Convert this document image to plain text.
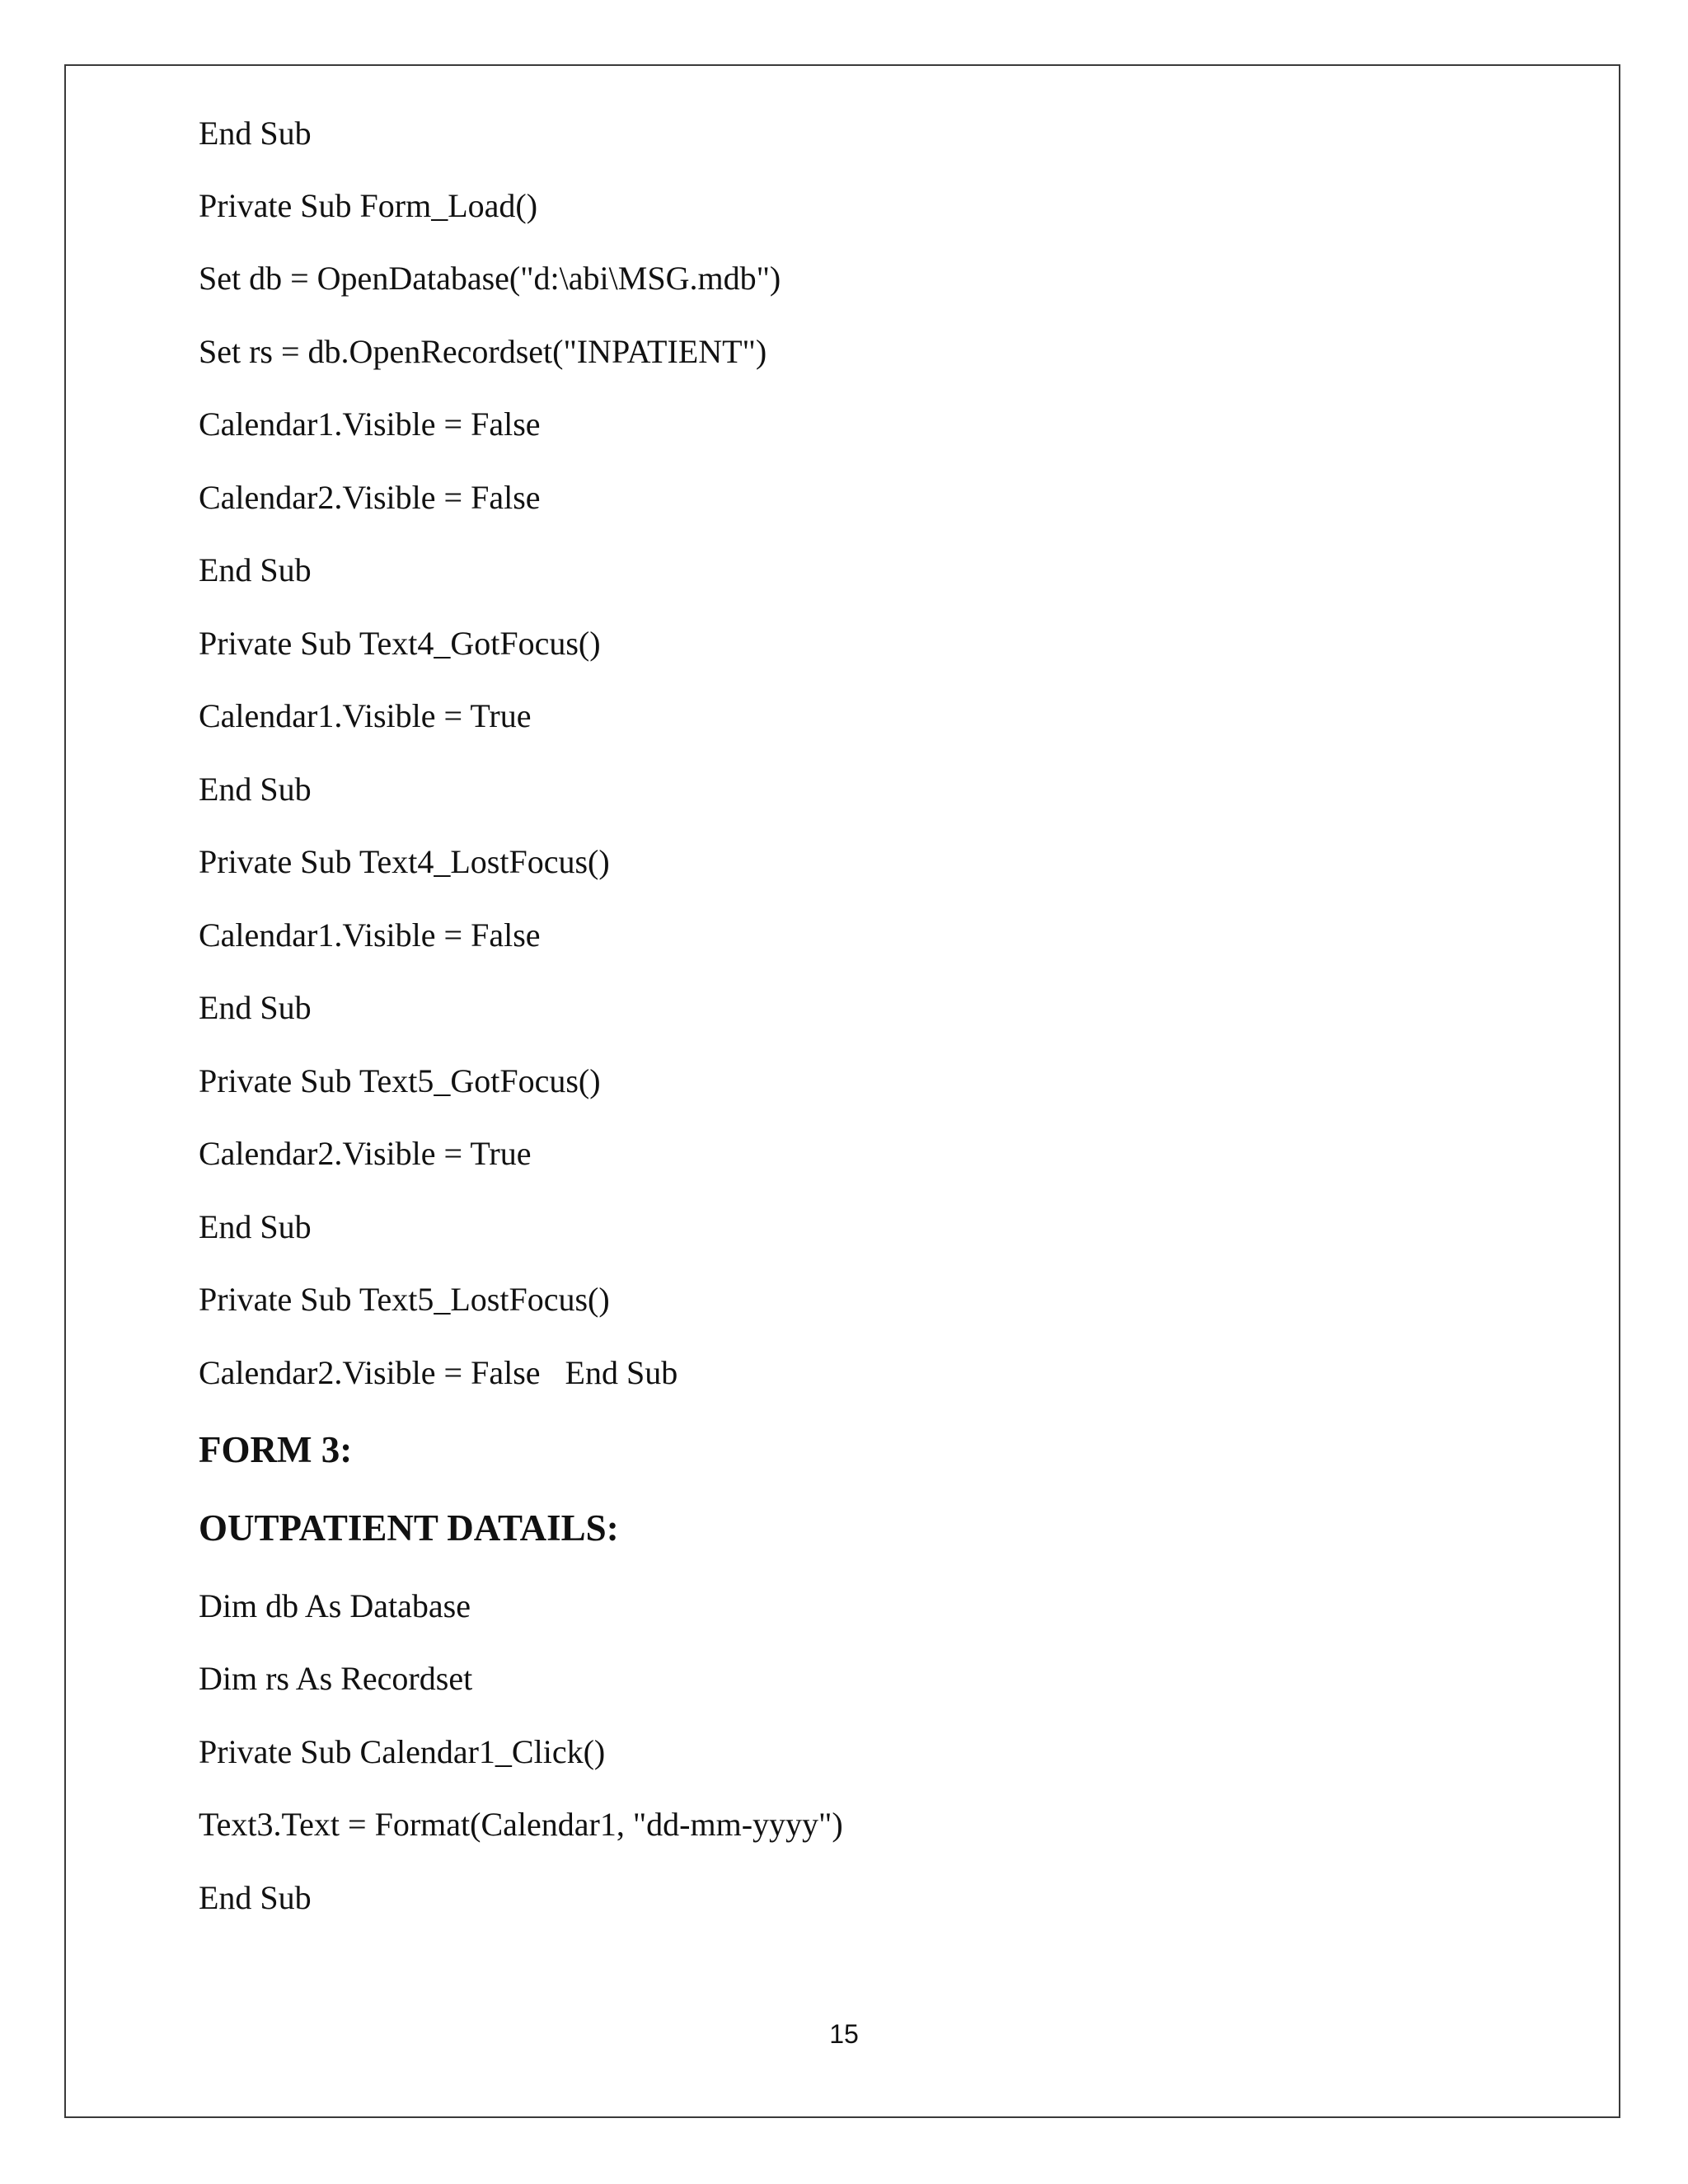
End Sub
Private Sub Form_Load()
Set db = OpenDatabase("d:\abi\MSG.mdb")
Set rs = db.OpenRecordset("INPATIENT")
Calendar1.Visible = False
Calendar2.Visible = False
End Sub
Private Sub Text4_GotFocus()
Calendar1.Visible = True
End Sub
Private Sub Text4_LostFocus()
Calendar1.Visible = False
End Sub
Private Sub Text5_GotFocus()
Calendar2.Visible = True
End Sub
Private Sub Text5_LostFocus()
Calendar2.Visible = False   End Sub
FORM 3:
OUTPATIENT DATAILS:
Dim db As Database
Dim rs As Recordset
Private Sub Calendar1_Click()
Text3.Text = Format(Calendar1, "dd-mm-yyyy")
End Sub
15
